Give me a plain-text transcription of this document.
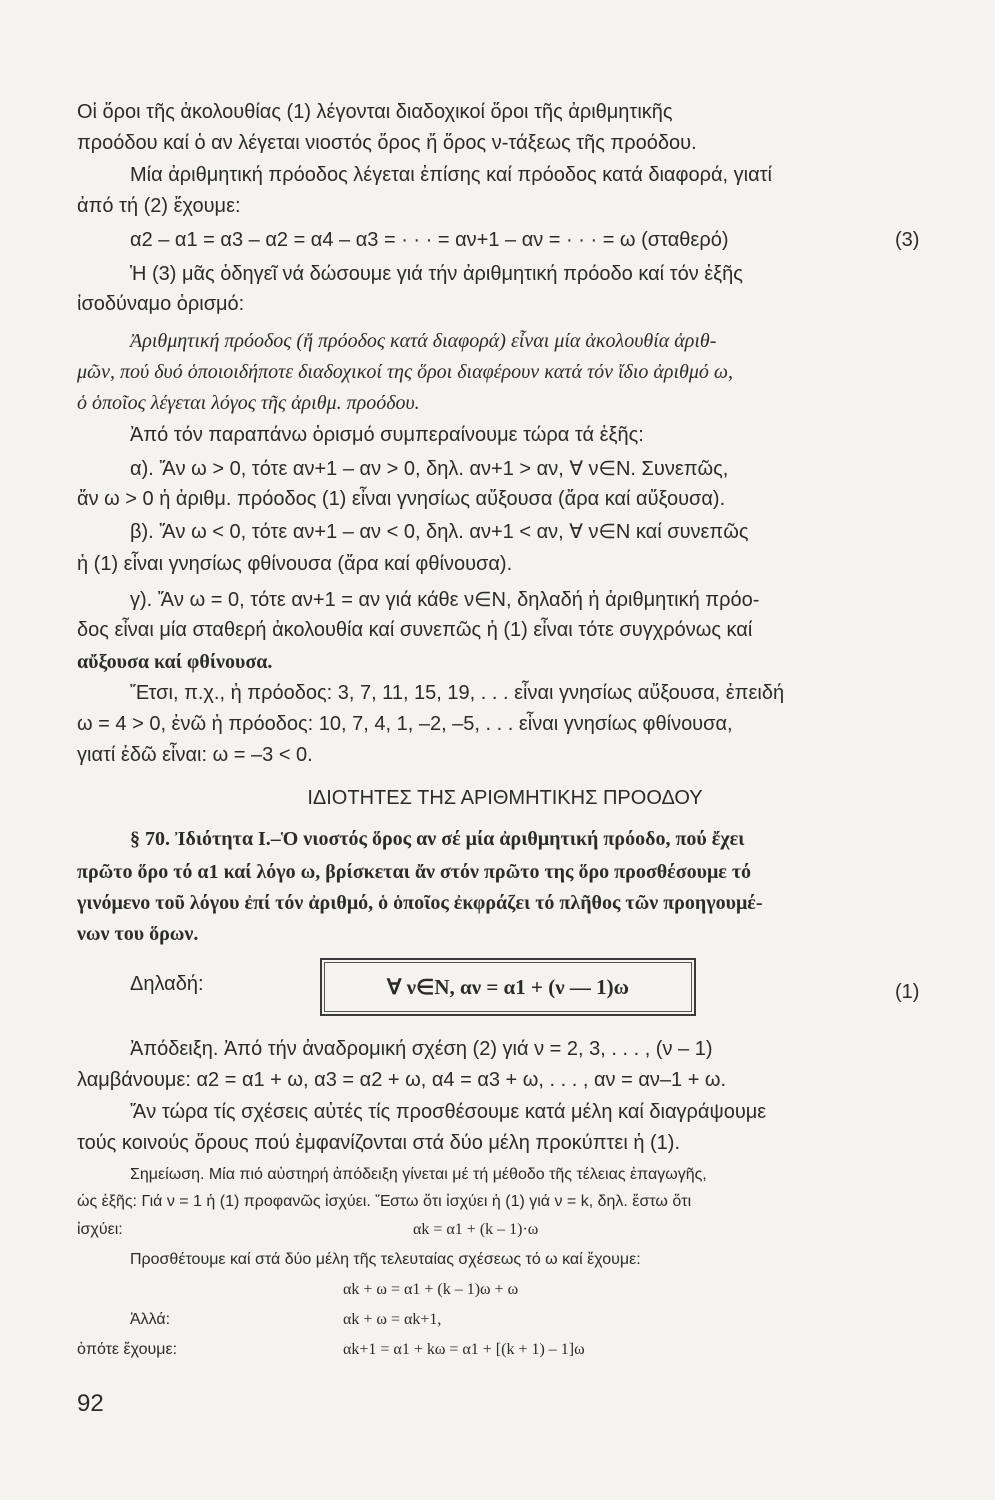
Οἱ ὅροι τῆς ἀκολουθίας (1) λέγονται διαδοχικοί ὅροι τῆς ἀριθμητικῆς
προόδου καί ὁ αν λέγεται νιοστός ὅρος ἤ ὅρος ν-τάξεως τῆς προόδου.
Μία ἀριθμητική πρόοδος λέγεται ἐπίσης καί πρόοδος κατά διαφορά, γιατί
ἀπό τή (2) ἔχουμε:
α2 – α1 = α3 – α2 = α4 – α3 = · · · = αν+1 – αν = · · · = ω (σταθερό)	(3)
Ἡ (3) μᾶς ὁδηγεῖ νά δώσουμε γιά τήν ἀριθμητική πρόοδο καί τόν ἑξῆς
ἰσοδύναμο ὁρισμό:
Ἀριθμητική πρόοδος (ἤ πρόοδος κατά διαφορά) εἶναι μία ἀκολουθία ἀριθ-
μῶν, πού δυό ὁποιοιδήποτε διαδοχικοί της ὅροι διαφέρουν κατά τόν ἴδιο ἀριθμό ω,
ὁ ὁποῖος λέγεται λόγος τῆς ἀριθμ. προόδου.
Ἀπό τόν παραπάνω ὁρισμό συμπεραίνουμε τώρα τά ἑξῆς:
α). Ἄν ω > 0, τότε αν+1 – αν > 0, δηλ. αν+1 > αν, ∀ ν∈N. Συνεπῶς,
ἄν ω > 0 ἡ ἀριθμ. πρόοδος (1) εἶναι γνησίως αὔξουσα (ἄρα καί αὔξουσα).
β). Ἄν ω < 0, τότε αν+1 – αν < 0, δηλ. αν+1 < αν, ∀ ν∈N καί συνεπῶς
ἡ (1) εἶναι γνησίως φθίνουσα (ἄρα καί φθίνουσα).
γ). Ἄν ω = 0, τότε αν+1 = αν γιά κάθε ν∈N, δηλαδή ἡ ἀριθμητική πρόο-
δος εἶναι μία σταθερή ἀκολουθία καί συνεπῶς ἡ (1) εἶναι τότε συγχρόνως καί
αὔξουσα καί φθίνουσα.
Ἔτσι, π.χ., ἡ πρόοδος: 3, 7, 11, 15, 19, . . . εἶναι γνησίως αὔξουσα, ἐπειδή
ω = 4 > 0, ἐνῶ ἡ πρόοδος: 10, 7, 4, 1, –2, –5, . . . εἶναι γνησίως φθίνουσα,
γιατί ἐδῶ εἶναι: ω = –3 < 0.
ΙΔΙΟΤΗΤΕΣ ΤΗΣ ΑΡΙΘΜΗΤΙΚΗΣ ΠΡΟΟΔΟΥ
§ 70. Ἰδιότητα Ι.–Ὁ νιοστός ὅρος αν σέ μία ἀριθμητική πρόοδο, πού ἔχει
πρῶτο ὅρο τό α1 καί λόγο ω, βρίσκεται ἄν στόν πρῶτο της ὅρο προσθέσουμε τό
γινόμενο τοῦ λόγου ἐπί τόν ἀριθμό, ὁ ὁποῖος ἐκφράζει τό πλῆθος τῶν προηγουμέ-
νων του ὅρων.
Δηλαδή:	∀ ν∈N, αν = α1 + (ν — 1)ω	(1)
Ἀπόδειξη. Ἀπό τήν ἀναδρομική σχέση (2) γιά ν = 2, 3, . . . , (ν – 1)
λαμβάνουμε: α2 = α1 + ω, α3 = α2 + ω, α4 = α3 + ω, . . . , αν = αν–1 + ω.
Ἄν τώρα τίς σχέσεις αὐτές τίς προσθέσουμε κατά μέλη καί διαγράψουμε
τούς κοινούς ὅρους πού ἐμφανίζονται στά δύο μέλη προκύπτει ἡ (1).
Σημείωση. Μία πιό αὐστηρή ἀπόδειξη γίνεται μέ τή μέθοδο τῆς τέλειας ἐπαγωγῆς,
ὡς ἑξῆς: Γιά ν = 1 ἡ (1) προφανῶς ἰσχύει. Ἔστω ὅτι ἰσχύει ἡ (1) γιά ν = k, δηλ. ἔστω ὅτι
ἰσχύει:	αk = α1 + (k – 1)·ω
Προσθέτουμε καί στά δύο μέλη τῆς τελευταίας σχέσεως τό ω καί ἔχουμε:
αk + ω = α1 + (k – 1)ω + ω
Ἀλλά:	αk + ω = αk+1,
ὁπότε ἔχουμε:	αk+1 = α1 + kω = α1 + [(k + 1) – 1]ω
92
